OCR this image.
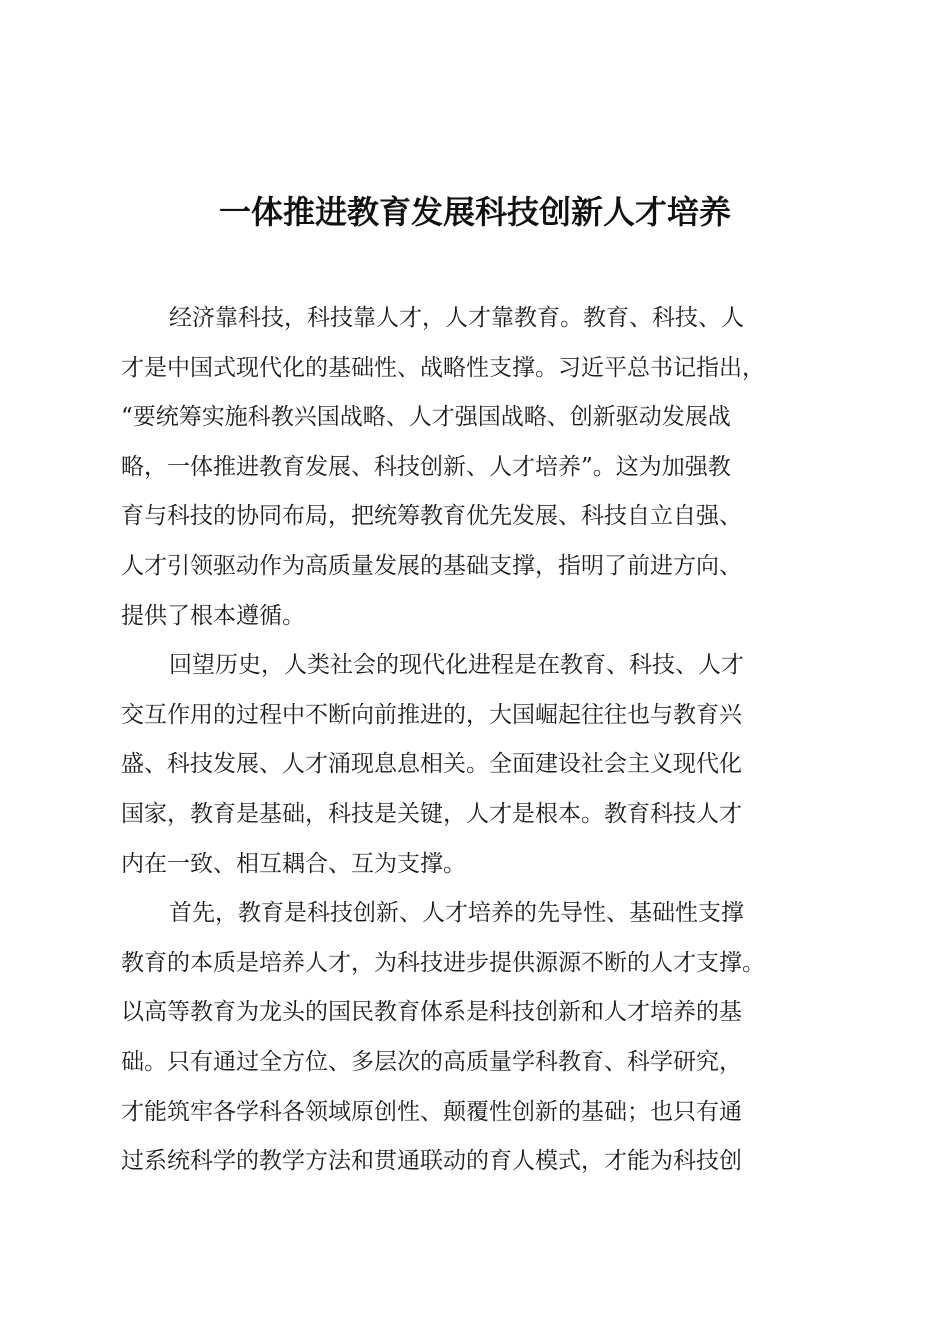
一体推进教育发展科技创新人才培养
经济靠科技，科技靠人才，人才靠教育。教育、科技、人
才是中国式现代化的基础性、战略性支撑。习近平总书记指出，
“要统筹实施科教兴国战略、人才强国战略、创新驱动发展战
略，一体推进教育发展、科技创新、人才培养”。这为加强教
育与科技的协同布局，把统筹教育优先发展、科技自立自强、
人才引领驱动作为高质量发展的基础支撑，指明了前进方向、
提供了根本遵循。
回望历史，人类社会的现代化进程是在教育、科技、人才
交互作用的过程中不断向前推进的，大国崛起往往也与教育兴
盛、科技发展、人才涌现息息相关。全面建设社会主义现代化
国家，教育是基础，科技是关键，人才是根本。教育科技人才
内在一致、相互耦合、互为支撑。
首先，教育是科技创新、人才培养的先导性、基础性支撑
教育的本质是培养人才，为科技进步提供源源不断的人才支撑。
以高等教育为龙头的国民教育体系是科技创新和人才培养的基
础。只有通过全方位、多层次的高质量学科教育、科学研究，
才能筑牢各学科各领域原创性、颠覆性创新的基础；也只有通
过系统科学的教学方法和贯通联动的育人模式，才能为科技创
